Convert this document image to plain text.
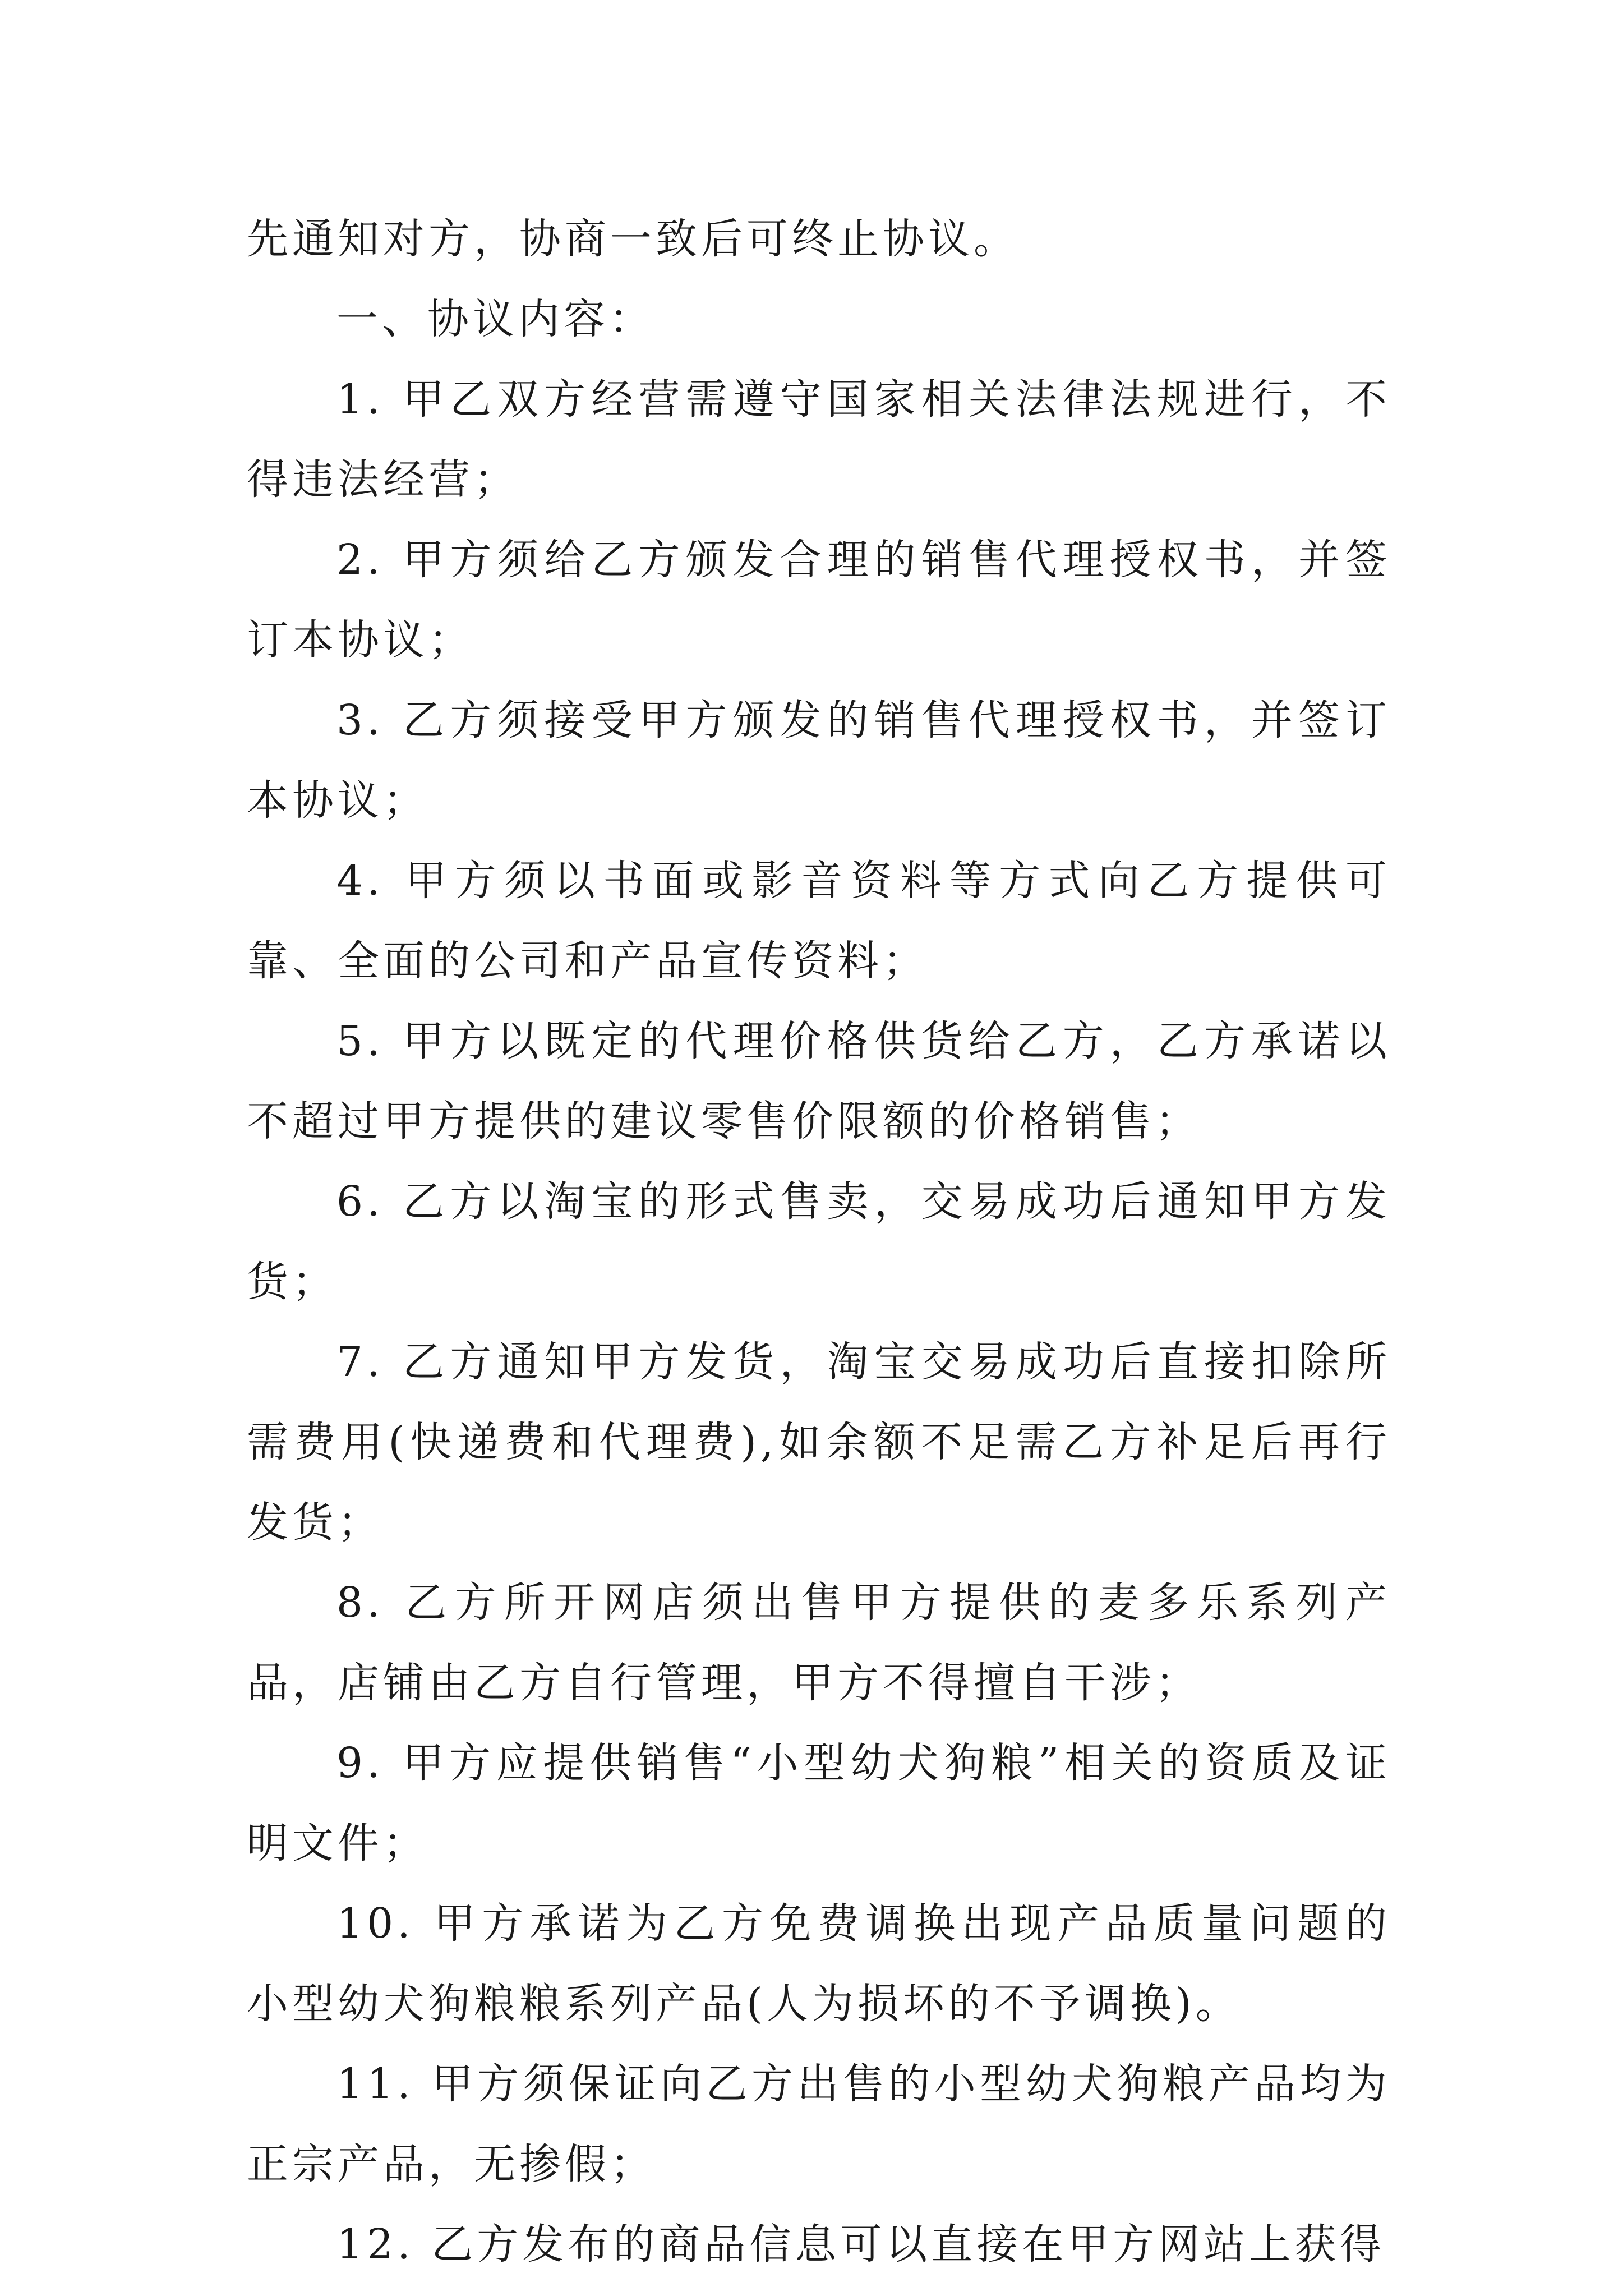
先通知对方，协商一致后可终止协议。

一、协议内容：

1. 甲乙双方经营需遵守国家相关法律法规进行，不得违法经营；

2. 甲方须给乙方颁发合理的销售代理授权书，并签订本协议；

3. 乙方须接受甲方颁发的销售代理授权书，并签订本协议；

4. 甲方须以书面或影音资料等方式向乙方提供可靠、全面的公司和产品宣传资料；

5. 甲方以既定的代理价格供货给乙方，乙方承诺以不超过甲方提供的建议零售价限额的价格销售；

6. 乙方以淘宝的形式售卖，交易成功后通知甲方发货；

7. 乙方通知甲方发货，淘宝交易成功后直接扣除所需费用(快递费和代理费),如余额不足需乙方补足后再行发货；

8. 乙方所开网店须出售甲方提供的麦多乐系列产品，店铺由乙方自行管理，甲方不得擅自干涉；

9. 甲方应提供销售“小型幼犬狗粮”相关的资质及证明文件；

10. 甲方承诺为乙方免费调换出现产品质量问题的 小型幼犬狗粮粮系列产品(人为损坏的不予调换)。

11. 甲方须保证向乙方出售的小型幼犬狗粮产品均为正宗产品，无掺假；

12. 乙方发布的商品信息可以直接在甲方网站上获得
